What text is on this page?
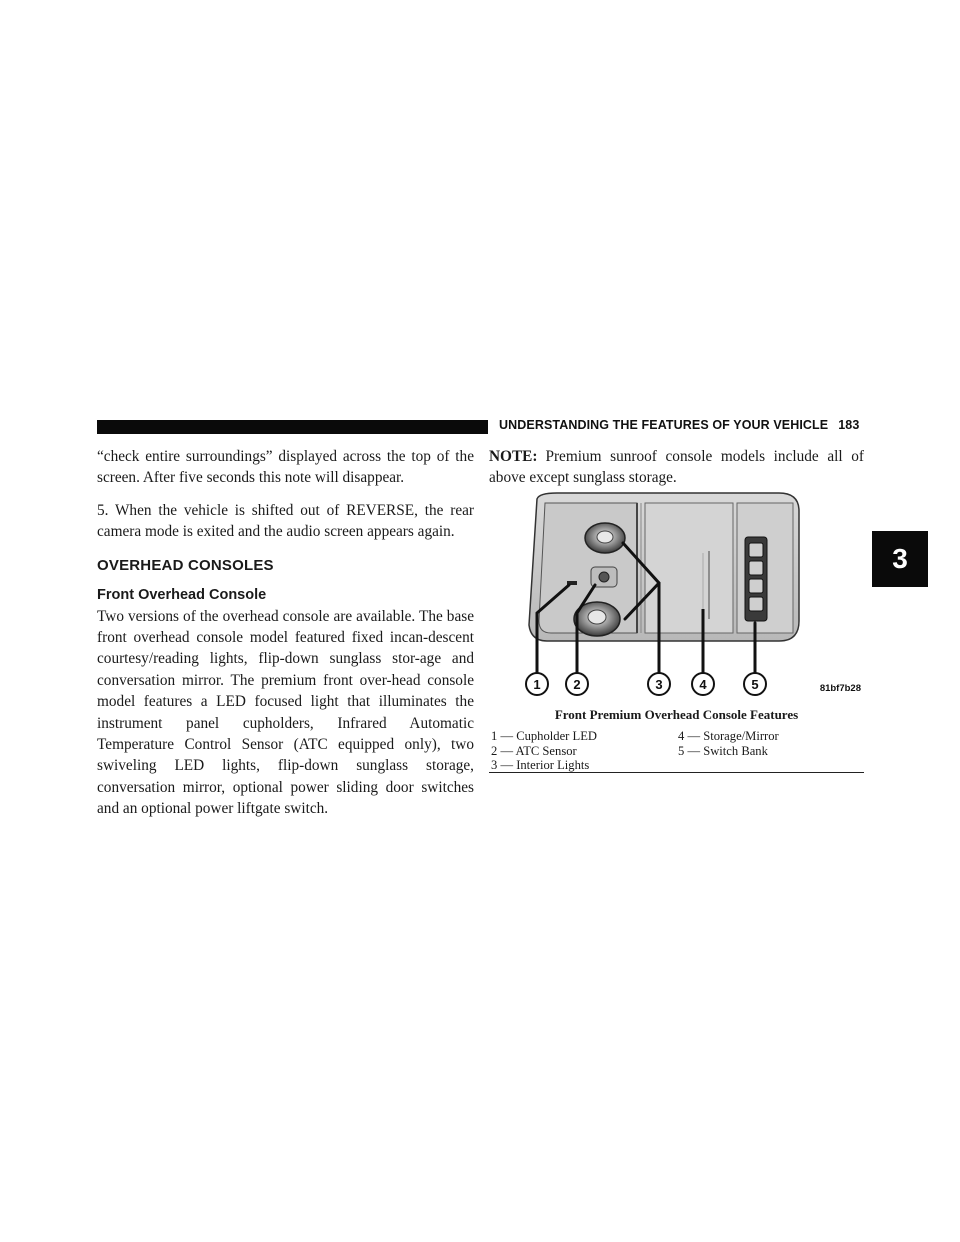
UNDERSTANDING THE FEATURES OF YOUR VEHICLE 183
3

“check entire surroundings” displayed across the top of the screen. After five seconds this note will disappear.

5. When the vehicle is shifted out of REVERSE, the rear camera mode is exited and the audio screen appears again.

OVERHEAD CONSOLES
Front Overhead Console

Two versions of the overhead console are available. The base front overhead console model featured fixed incan-descent courtesy/reading lights, flip-down sunglass stor-age and conversation mirror. The premium front over-head console model features a LED focused light that illuminates the instrument panel cupholders, Infrared Automatic Temperature Control Sensor (ATC equipped only), two swiveling LED lights, flip-down sunglass storage, conversation mirror, optional power sliding door switches and an optional power liftgate switch.

NOTE: Premium sunroof console models include all of above except sunglass storage.

1	2	3	4	5	81bf7b28
Front Premium Overhead Console Features
1 — Cupholder LED
2 — ATC Sensor
3 — Interior Lights
4 — Storage/Mirror
5 — Switch Bank
